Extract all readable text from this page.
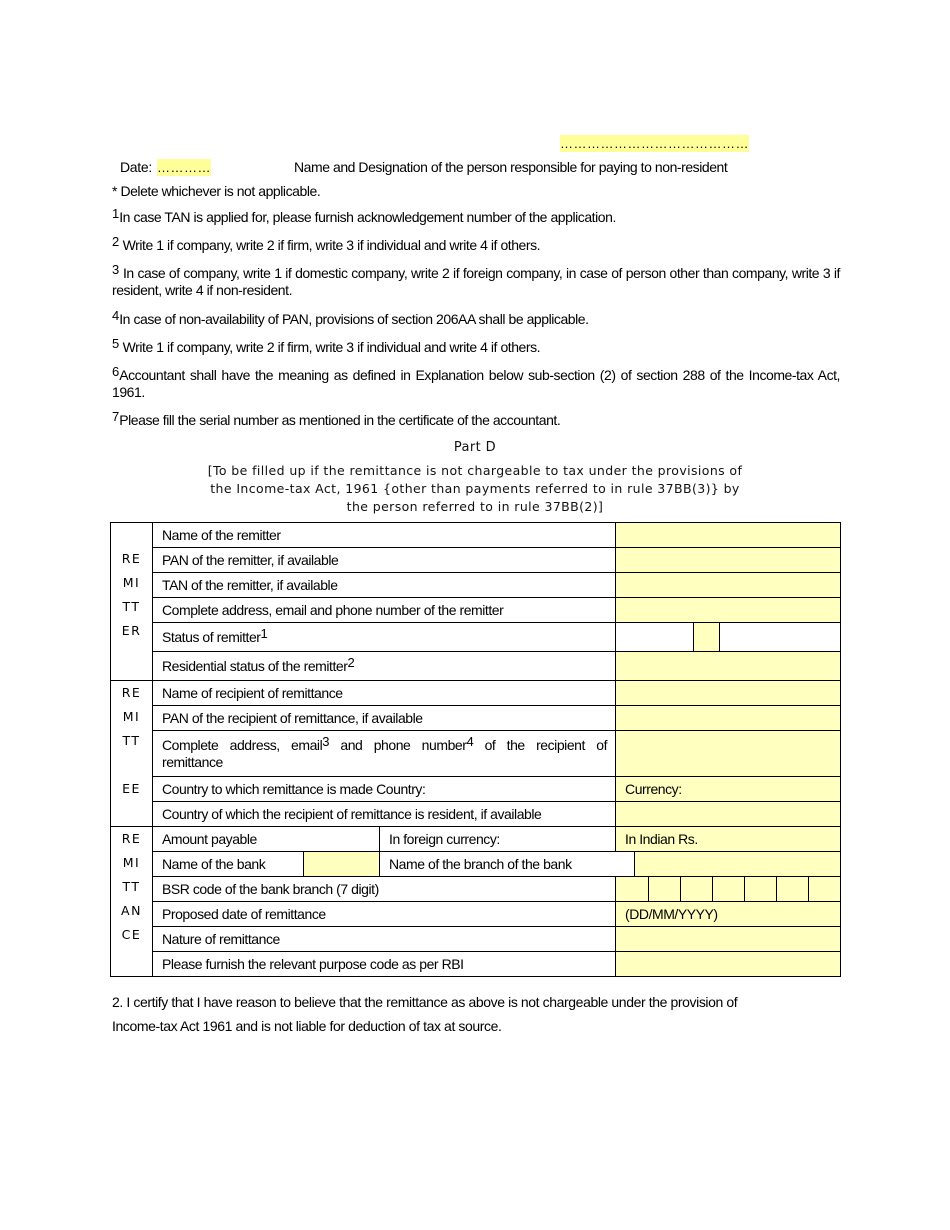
……………………………………
Date: …………	Name and Designation of the person responsible for paying to non-resident
* Delete whichever is not applicable.
$^1$In case TAN is applied for, please furnish acknowledgement number of the application.
$^2$ Write 1 if company, write 2 if firm, write 3 if individual and write 4 if others.
$^3$ In case of company, write 1 if domestic company, write 2 if foreign company, in case of person other than company, write 3 if resident, write 4 if non-resident.
$^4$In case of non-availability of PAN, provisions of section 206AA shall be applicable.
$^5$ Write 1 if company, write 2 if firm, write 3 if individual and write 4 if others.
$^6$Accountant shall have the meaning as defined in Explanation below sub-section (2) of section 288 of the Income-tax Act, 1961.
$^7$Please fill the serial number as mentioned in the certificate of the accountant.
Part D
[To be filled up if the remittance is not chargeable to tax under the provisions of
the Income-tax Act, 1961 {other than payments referred to in rule 37BB(3)} by
the person referred to in rule 37BB(2)]
RE
MI
TT
ER
	Name of the remitter	
PAN of the remitter, if available	
TAN of the remitter, if available	
Complete address, email and phone number of the remitter	
Status of remitter1	

Residential status of the remitter2	

RE
MI
TT
EE
	Name of recipient of remittance	
PAN of the recipient of remittance, if available	
Complete address, email3 and phone number4 of the recipient of remittance	
Country to which remittance is made Country:	Currency:
Country of which the recipient of remittance is resident, if available	

RE
MI
TT
AN
CE
	Amount payable	In foreign currency:	In Indian Rs.
Name of the bank		Name of the branch of the bank	
BSR code of the bank branch (7 digit)	

Proposed date of remittance	(DD/MM/YYYY)
Nature of remittance	
Please furnish the relevant purpose code as per RBI	
2. I certify that I have reason to believe that the remittance as above is not chargeable under the provision of
Income-tax Act 1961 and is not liable for deduction of tax at source.
